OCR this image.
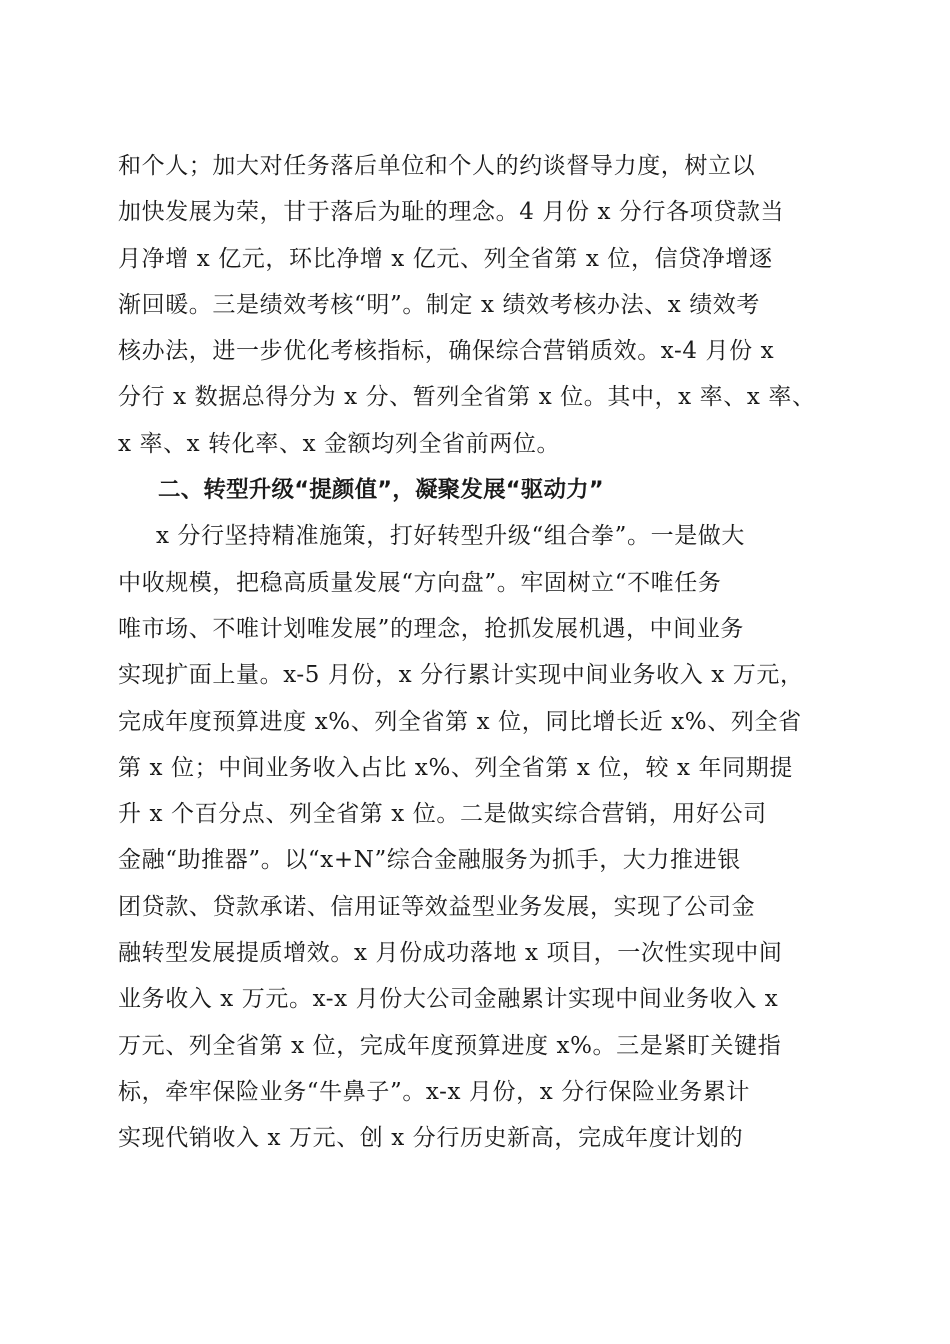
和个人；加大对任务落后单位和个人的约谈督导力度，树立以
加快发展为荣，甘于落后为耻的理念。4 月份 x 分行各项贷款当
月净增 x 亿元，环比净增 x 亿元、列全省第 x 位，信贷净增逐
渐回暖。三是绩效考核“明”。制定 x 绩效考核办法、x 绩效考
核办法，进一步优化考核指标，确保综合营销质效。x-4 月份 x
分行 x 数据总得分为 x 分、暂列全省第 x 位。其中，x 率、x 率、
x 率、x 转化率、x 金额均列全省前两位。
二、转型升级“提颜值”，凝聚发展“驱动力”
x 分行坚持精准施策，打好转型升级“组合拳”。一是做大
中收规模，把稳高质量发展“方向盘”。牢固树立“不唯任务
唯市场、不唯计划唯发展”的理念，抢抓发展机遇，中间业务
实现扩面上量。x-5 月份，x 分行累计实现中间业务收入 x 万元，
完成年度预算进度 x%、列全省第 x 位，同比增长近 x%、列全省
第 x 位；中间业务收入占比 x%、列全省第 x 位，较 x 年同期提
升 x 个百分点、列全省第 x 位。二是做实综合营销，用好公司
金融“助推器”。以“x+N”综合金融服务为抓手，大力推进银
团贷款、贷款承诺、信用证等效益型业务发展，实现了公司金
融转型发展提质增效。x 月份成功落地 x 项目，一次性实现中间
业务收入 x 万元。x-x 月份大公司金融累计实现中间业务收入 x
万元、列全省第 x 位，完成年度预算进度 x%。三是紧盯关键指
标，牵牢保险业务“牛鼻子”。x-x 月份，x 分行保险业务累计
实现代销收入 x 万元、创 x 分行历史新高，完成年度计划的
